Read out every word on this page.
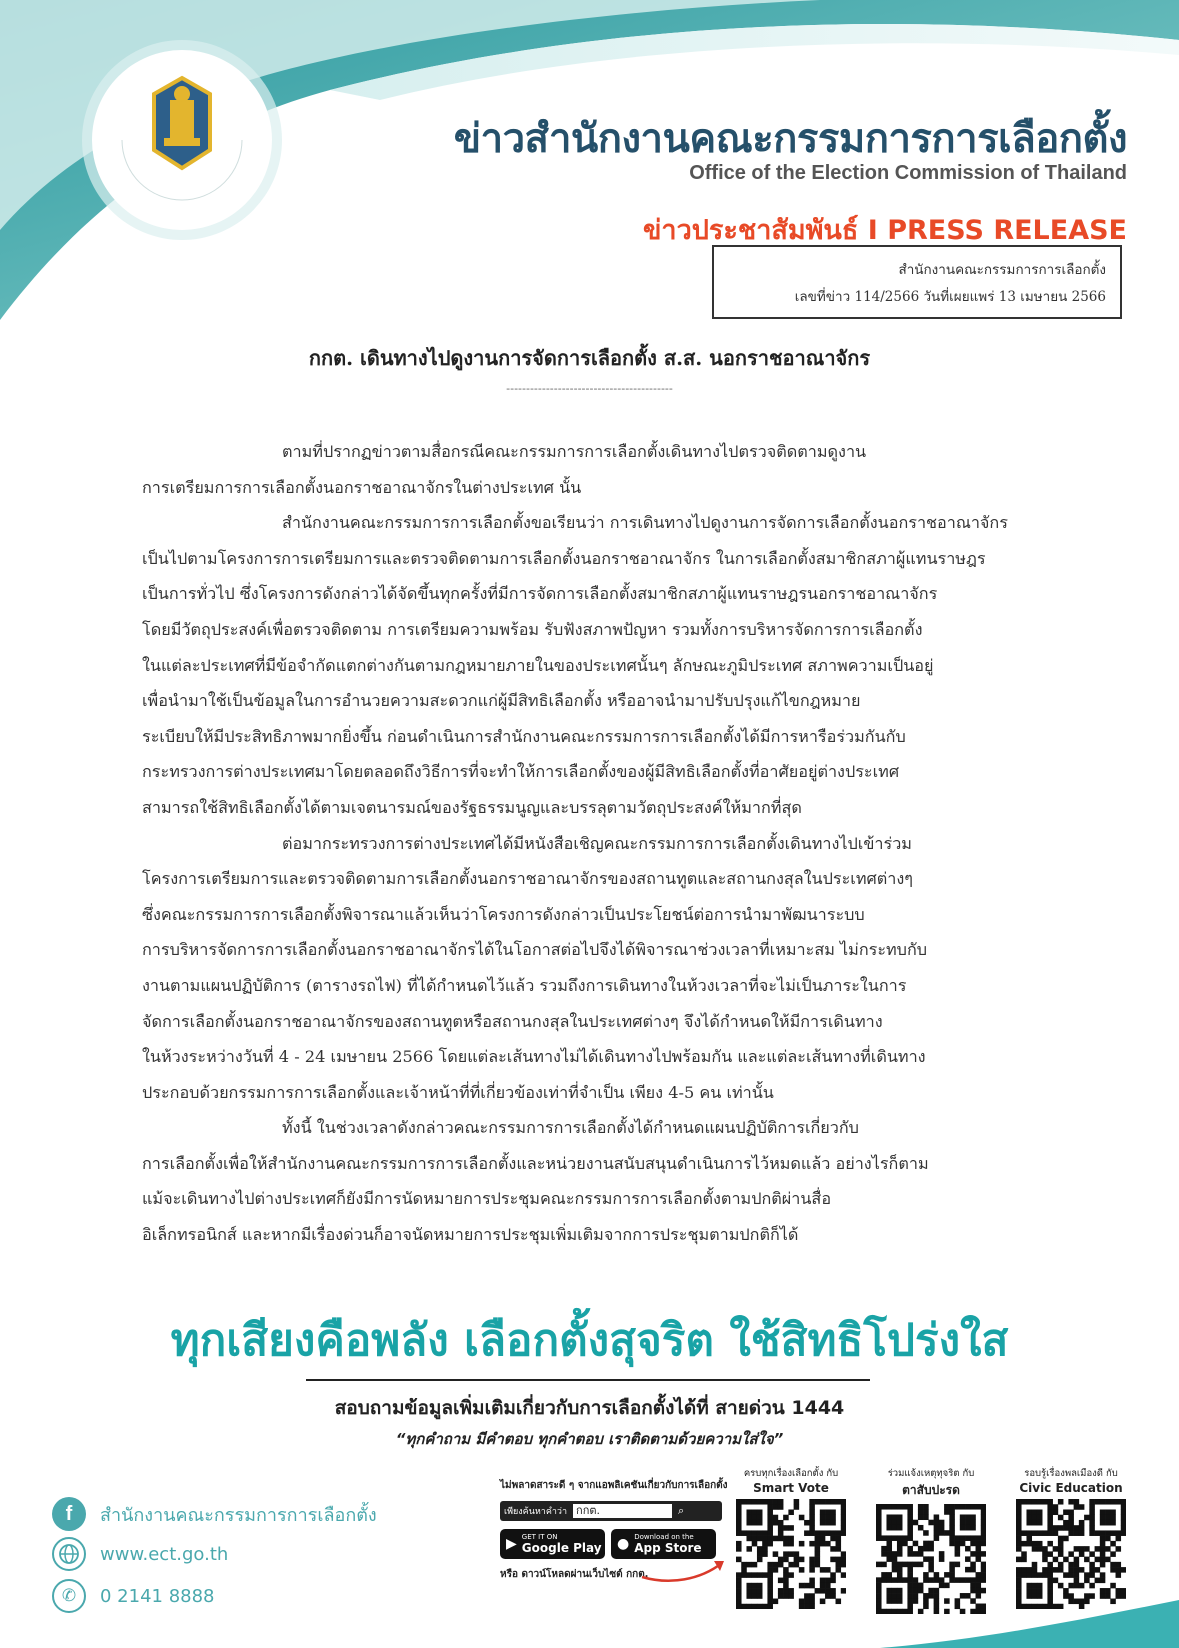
ข่าวสำนักงานคณะกรรมการการเลือกตั้ง
Office of the Election Commission of Thailand
ข่าวประชาสัมพันธ์ I PRESS RELEASE
สำนักงานคณะกรรมการการเลือกตั้ง
เลขที่ข่าว 114/2566 วันที่เผยแพร่ 13 เมษายน 2566
กกต. เดินทางไปดูงานการจัดการเลือกตั้ง ส.ส. นอกราชอาณาจักร
------------------------------------------
ตามที่ปรากฏข่าวตามสื่อกรณีคณะกรรมการการเลือกตั้งเดินทางไปตรวจติดตามดูงาน
การเตรียมการการเลือกตั้งนอกราชอาณาจักรในต่างประเทศ นั้น
สำนักงานคณะกรรมการการเลือกตั้งขอเรียนว่า การเดินทางไปดูงานการจัดการเลือกตั้งนอกราชอาณาจักร
เป็นไปตามโครงการการเตรียมการและตรวจติดตามการเลือกตั้งนอกราชอาณาจักร ในการเลือกตั้งสมาชิกสภาผู้แทนราษฎร
เป็นการทั่วไป ซึ่งโครงการดังกล่าวได้จัดขึ้นทุกครั้งที่มีการจัดการเลือกตั้งสมาชิกสภาผู้แทนราษฎรนอกราชอาณาจักร
โดยมีวัตถุประสงค์เพื่อตรวจติดตาม การเตรียมความพร้อม รับฟังสภาพปัญหา รวมทั้งการบริหารจัดการการเลือกตั้ง
ในแต่ละประเทศที่มีข้อจำกัดแตกต่างกันตามกฎหมายภายในของประเทศนั้นๆ ลักษณะภูมิประเทศ สภาพความเป็นอยู่
เพื่อนำมาใช้เป็นข้อมูลในการอำนวยความสะดวกแก่ผู้มีสิทธิเลือกตั้ง หรืออาจนำมาปรับปรุงแก้ไขกฎหมาย
ระเบียบให้มีประสิทธิภาพมากยิ่งขึ้น ก่อนดำเนินการสำนักงานคณะกรรมการการเลือกตั้งได้มีการหารือร่วมกันกับ
กระทรวงการต่างประเทศมาโดยตลอดถึงวิธีการที่จะทำให้การเลือกตั้งของผู้มีสิทธิเลือกตั้งที่อาศัยอยู่ต่างประเทศ
สามารถใช้สิทธิเลือกตั้งได้ตามเจตนารมณ์ของรัฐธรรมนูญและบรรลุตามวัตถุประสงค์ให้มากที่สุด
ต่อมากระทรวงการต่างประเทศได้มีหนังสือเชิญคณะกรรมการการเลือกตั้งเดินทางไปเข้าร่วม
โครงการเตรียมการและตรวจติดตามการเลือกตั้งนอกราชอาณาจักรของสถานทูตและสถานกงสุลในประเทศต่างๆ
ซึ่งคณะกรรมการการเลือกตั้งพิจารณาแล้วเห็นว่าโครงการดังกล่าวเป็นประโยชน์ต่อการนำมาพัฒนาระบบ
การบริหารจัดการการเลือกตั้งนอกราชอาณาจักรได้ในโอกาสต่อไปจึงได้พิจารณาช่วงเวลาที่เหมาะสม ไม่กระทบกับ
งานตามแผนปฏิบัติการ (ตารางรถไฟ) ที่ได้กำหนดไว้แล้ว รวมถึงการเดินทางในห้วงเวลาที่จะไม่เป็นภาระในการ
จัดการเลือกตั้งนอกราชอาณาจักรของสถานทูตหรือสถานกงสุลในประเทศต่างๆ จึงได้กำหนดให้มีการเดินทาง
ในห้วงระหว่างวันที่ 4 - 24 เมษายน 2566 โดยแต่ละเส้นทางไม่ได้เดินทางไปพร้อมกัน และแต่ละเส้นทางที่เดินทาง
ประกอบด้วยกรรมการการเลือกตั้งและเจ้าหน้าที่ที่เกี่ยวข้องเท่าที่จำเป็น เพียง 4-5 คน เท่านั้น
ทั้งนี้ ในช่วงเวลาดังกล่าวคณะกรรมการการเลือกตั้งได้กำหนดแผนปฏิบัติการเกี่ยวกับ
การเลือกตั้งเพื่อให้สำนักงานคณะกรรมการการเลือกตั้งและหน่วยงานสนับสนุนดำเนินการไว้หมดแล้ว อย่างไรก็ตาม
แม้จะเดินทางไปต่างประเทศก็ยังมีการนัดหมายการประชุมคณะกรรมการการเลือกตั้งตามปกติผ่านสื่อ
อิเล็กทรอนิกส์ และหากมีเรื่องด่วนก็อาจนัดหมายการประชุมเพิ่มเติมจากการประชุมตามปกติก็ได้
ทุกเสียงคือพลัง เลือกตั้งสุจริต ใช้สิทธิโปร่งใส
สอบถามข้อมูลเพิ่มเติมเกี่ยวกับการเลือกตั้งได้ที่ สายด่วน 1444
“ทุกคำถาม มีคำตอบ ทุกคำตอบ เราติดตามด้วยความใส่ใจ”
f สำนักงานคณะกรรมการการเลือกตั้ง
www.ect.go.th
✆ 0 2141 8888
ไม่พลาดสาระดี ๆ จากแอพลิเคชันเกี่ยวกับการเลือกตั้ง
เพียงค้นหาคำว่า กกต.	⌕
▶ GET IT ON
Google Play ● Download on the
App Store
หรือ ดาวน์โหลดผ่านเว็บไซต์ กกต.
ครบทุกเรื่องเลือกตั้ง กับ
Smart Vote
ร่วมแจ้งเหตุทุจริต กับ
ตาสับปะรด
รอบรู้เรื่องพลเมืองดี กับ
Civic Education
